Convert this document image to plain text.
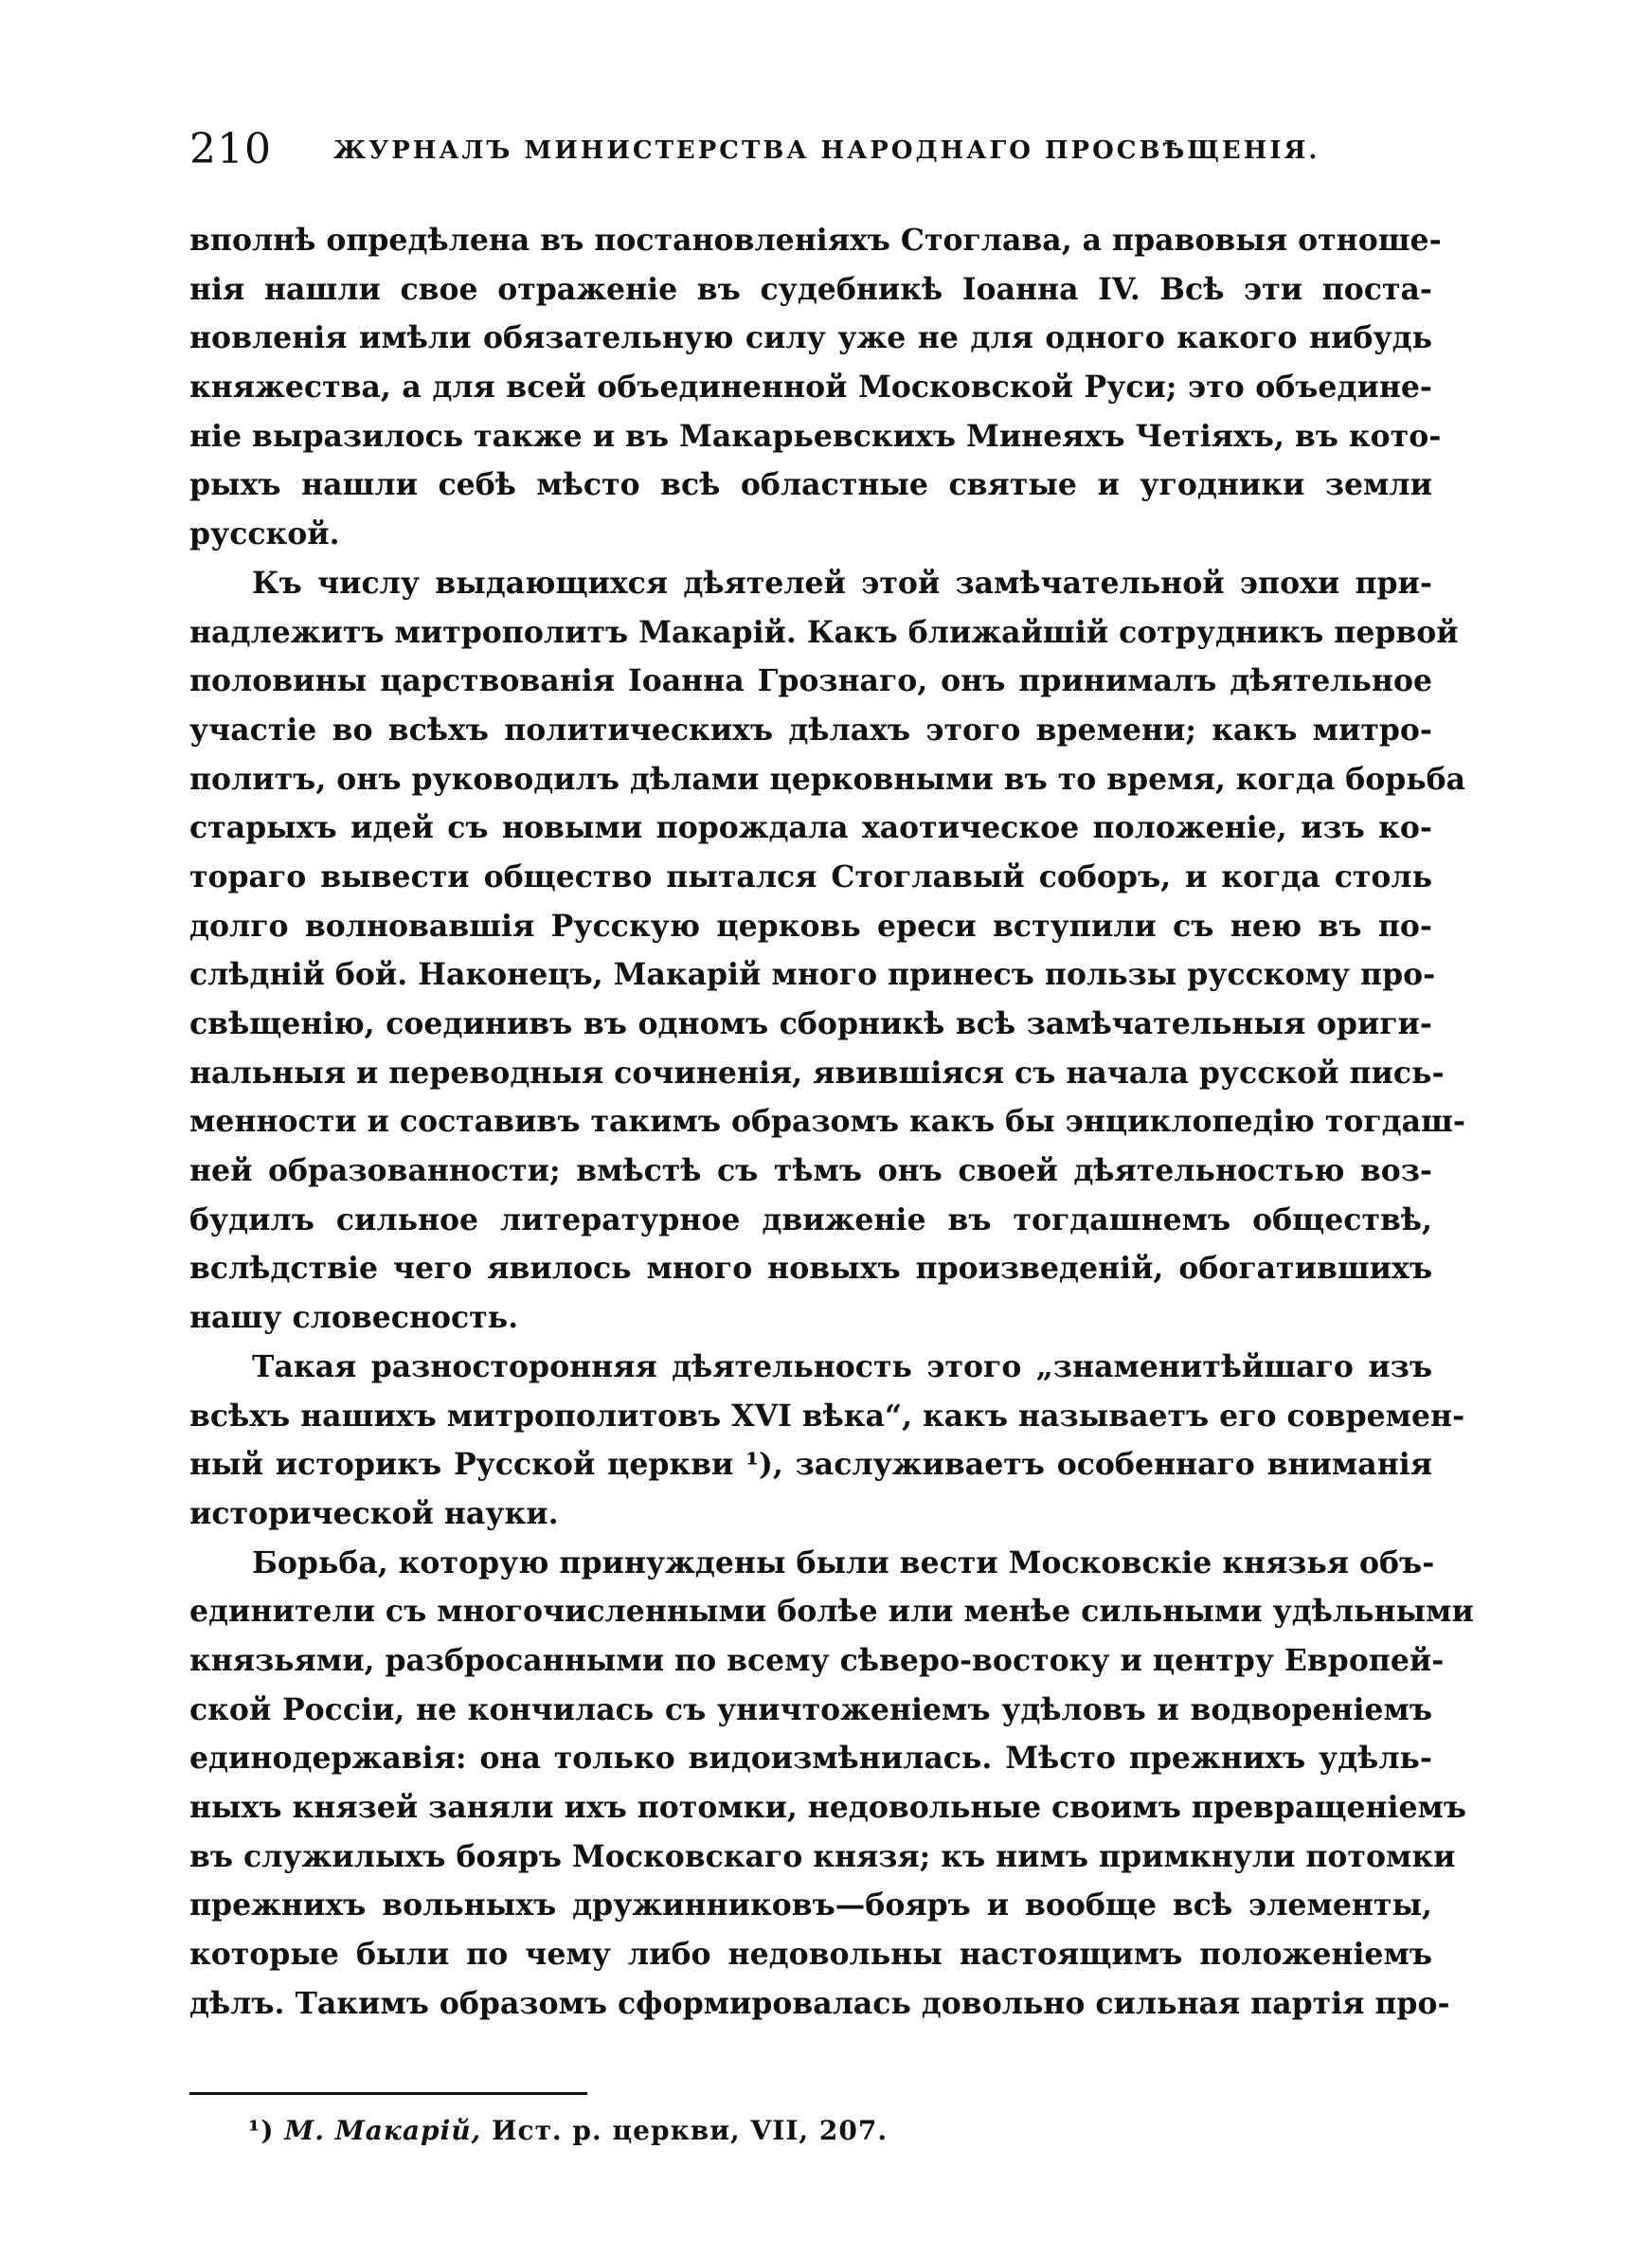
210	ЖУРНАЛЪ МИНИСТЕРСТВА НАРОДНАГО ПРОСВѢЩЕНІЯ.
вполнѣ опредѣлена въ постановленіяхъ Стоглава, а правовыя отноше-
нія нашли свое отраженіе въ судебникѣ Іоанна IV. Всѣ эти поста-
новленія имѣли обязательную силу уже не для одного какого нибудь
княжества, а для всей объединенной Московской Руси; это объедине-
ніе выразилось также и въ Макарьевскихъ Минеяхъ Четіяхъ, въ кото-
рыхъ нашли себѣ мѣсто всѣ областные святые и угодники земли
русской.
Къ числу выдающихся дѣятелей этой замѣчательной эпохи при-
надлежитъ митрополитъ Макарій. Какъ ближайшій сотрудникъ первой
половины царствованія Іоанна Грознаго, онъ принималъ дѣятельное
участіе во всѣхъ политическихъ дѣлахъ этого времени; какъ митро-
политъ, онъ руководилъ дѣлами церковными въ то время, когда борьба
старыхъ идей съ новыми порождала хаотическое положеніе, изъ ко-
тораго вывести общество пытался Стоглавый соборъ, и когда столь
долго волновавшія Русскую церковь ереси вступили съ нею въ по-
слѣдній бой. Наконецъ, Макарій много принесъ пользы русскому про-
свѣщенію, соединивъ въ одномъ сборникѣ всѣ замѣчательныя ориги-
нальныя и переводныя сочиненія, явившіяся съ начала русской пись-
менности и составивъ такимъ образомъ какъ бы энциклопедію тогдаш-
ней образованности; вмѣстѣ съ тѣмъ онъ своей дѣятельностью воз-
будилъ сильное литературное движеніе въ тогдашнемъ обществѣ,
вслѣдствіе чего явилось много новыхъ произведеній, обогатившихъ
нашу словесность.
Такая разносторонняя дѣятельность этого „знаменитѣйшаго изъ
всѣхъ нашихъ митрополитовъ XVI вѣка“, какъ называетъ его современ-
ный историкъ Русской церкви ¹), заслуживаетъ особеннаго вниманія
исторической науки.
Борьба, которую принуждены были вести Московскіе князья объ-
единители съ многочисленными болѣе или менѣе сильными удѣльными
князьями, разбросанными по всему сѣверо-востоку и центру Европей-
ской Россіи, не кончилась съ уничтоженіемъ удѣловъ и водвореніемъ
единодержавія: она только видоизмѣнилась. Мѣсто прежнихъ удѣль-
ныхъ князей заняли ихъ потомки, недовольные своимъ превращеніемъ
въ служилыхъ бояръ Московскаго князя; къ нимъ примкнули потомки
прежнихъ вольныхъ дружинниковъ—бояръ и вообще всѣ элементы,
которые были по чему либо недовольны настоящимъ положеніемъ
дѣлъ. Такимъ образомъ сформировалась довольно сильная партія про-
¹) М. Макарій, Ист. р. церкви, VII, 207.
